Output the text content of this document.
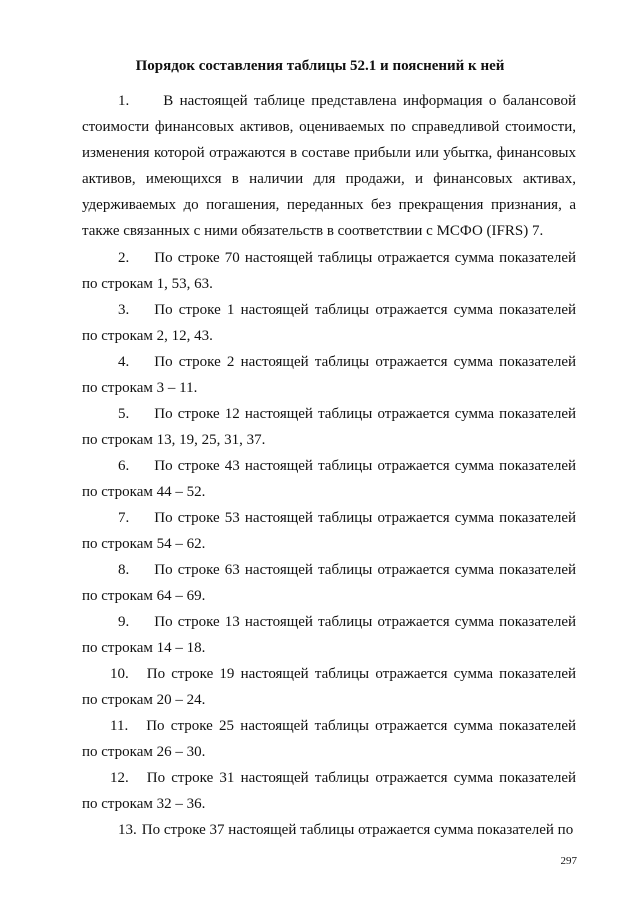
Порядок составления таблицы 52.1 и пояснений к ней
1. В настоящей таблице представлена информация о балансовой стоимости финансовых активов, оцениваемых по справедливой стоимости, изменения которой отражаются в составе прибыли или убытка, финансовых активов, имеющихся в наличии для продажи, и финансовых активах, удерживаемых до погашения, переданных без прекращения признания, а также связанных с ними обязательств в соответствии с МСФО (IFRS) 7.
2. По строке 70 настоящей таблицы отражается сумма показателей по строкам 1, 53, 63.
3. По строке 1 настоящей таблицы отражается сумма показателей по строкам 2, 12, 43.
4. По строке 2 настоящей таблицы отражается сумма показателей по строкам 3 – 11.
5. По строке 12 настоящей таблицы отражается сумма показателей по строкам 13, 19, 25, 31, 37.
6. По строке 43 настоящей таблицы отражается сумма показателей по строкам 44 – 52.
7. По строке 53 настоящей таблицы отражается сумма показателей по строкам 54 – 62.
8. По строке 63 настоящей таблицы отражается сумма показателей по строкам 64 – 69.
9. По строке 13 настоящей таблицы отражается сумма показателей по строкам 14 – 18.
10. По строке 19 настоящей таблицы отражается сумма показателей по строкам 20 – 24.
11. По строке 25 настоящей таблицы отражается сумма показателей по строкам 26 – 30.
12. По строке 31 настоящей таблицы отражается сумма показателей по строкам 32 – 36.
13. По строке 37 настоящей таблицы отражается сумма показателей по
297
